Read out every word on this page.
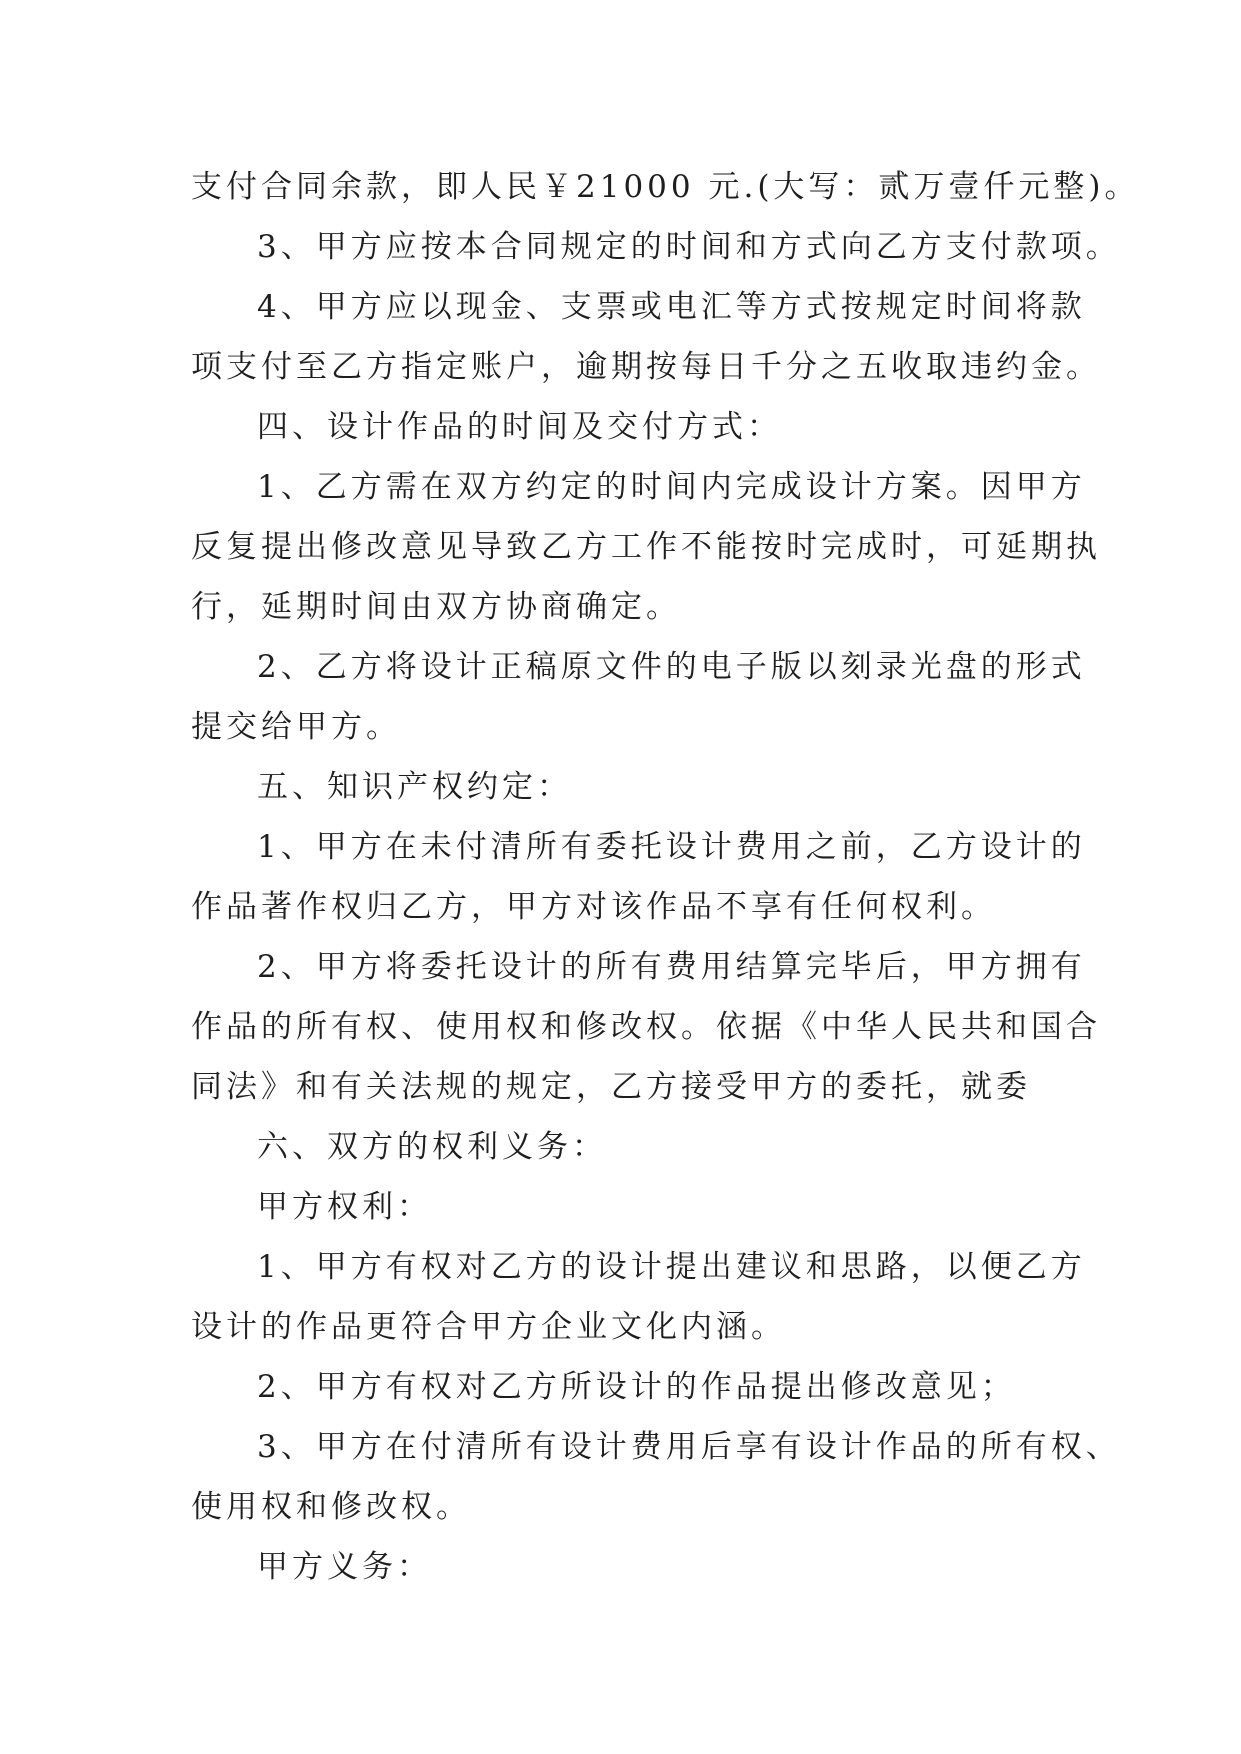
支付合同余款，即人民￥21000 元.(大写：贰万壹仟元整)。
3、甲方应按本合同规定的时间和方式向乙方支付款项。
4、甲方应以现金、支票或电汇等方式按规定时间将款
项支付至乙方指定账户，逾期按每日千分之五收取违约金。
四、设计作品的时间及交付方式：
1、乙方需在双方约定的时间内完成设计方案。因甲方
反复提出修改意见导致乙方工作不能按时完成时，可延期执
行，延期时间由双方协商确定。
2、乙方将设计正稿原文件的电子版以刻录光盘的形式
提交给甲方。
五、知识产权约定：
1、甲方在未付清所有委托设计费用之前，乙方设计的
作品著作权归乙方，甲方对该作品不享有任何权利。
2、甲方将委托设计的所有费用结算完毕后，甲方拥有
作品的所有权、使用权和修改权。依据《中华人民共和国合
同法》和有关法规的规定，乙方接受甲方的委托，就委
六、双方的权利义务：
甲方权利：
1、甲方有权对乙方的设计提出建议和思路，以便乙方
设计的作品更符合甲方企业文化内涵。
2、甲方有权对乙方所设计的作品提出修改意见；
3、甲方在付清所有设计费用后享有设计作品的所有权、
使用权和修改权。
甲方义务：
